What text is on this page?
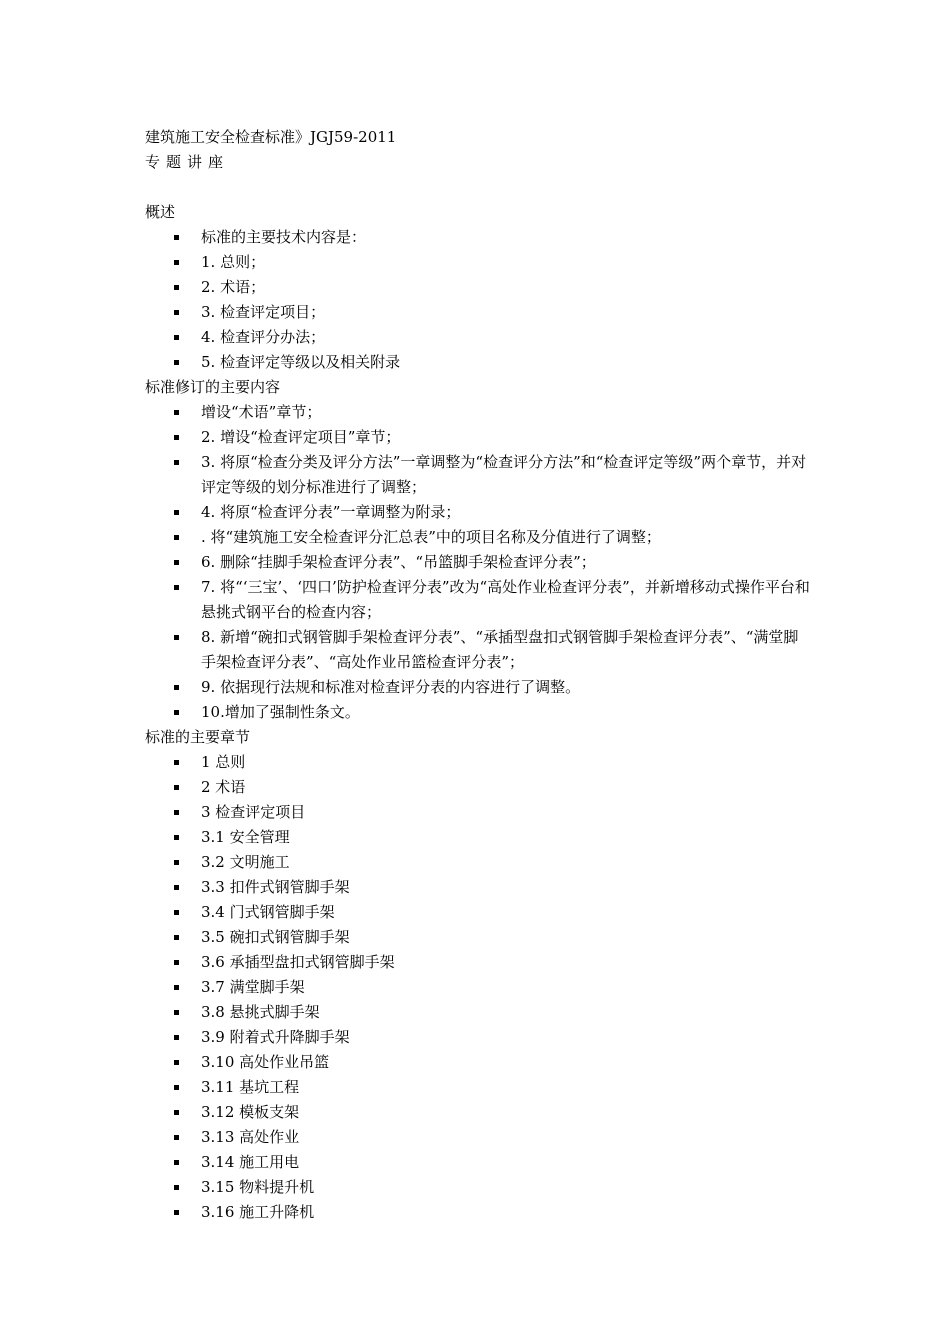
建筑施工安全检查标准》JGJ59-2011

专题讲座

概述

标准的主要技术内容是：
1. 总则；
2. 术语；
3. 检查评定项目；
4. 检查评分办法；
5. 检查评定等级以及相关附录

标准修订的主要内容

增设“术语”章节；
2. 增设“检查评定项目”章节；
3. 将原“检查分类及评分方法”一章调整为“检查评分方法”和“检查评定等级”两个章节，并对评定等级的划分标准进行了调整；
4. 将原“检查评分表”一章调整为附录；
. 将“建筑施工安全检查评分汇总表”中的项目名称及分值进行了调整；
6. 删除“挂脚手架检查评分表”、“吊篮脚手架检查评分表”；
7. 将“‘三宝’、‘四口’防护检查评分表”改为“高处作业检查评分表”，并新增移动式操作平台和悬挑式钢平台的检查内容；
8. 新增“碗扣式钢管脚手架检查评分表”、“承插型盘扣式钢管脚手架检查评分表”、“满堂脚手架检查评分表”、“高处作业吊篮检查评分表”；
9. 依据现行法规和标准对检查评分表的内容进行了调整。
10.增加了强制性条文。

标准的主要章节

1 总则
2 术语
3 检查评定项目
3.1 安全管理
3.2 文明施工
3.3 扣件式钢管脚手架
3.4 门式钢管脚手架
3.5 碗扣式钢管脚手架
3.6 承插型盘扣式钢管脚手架
3.7 满堂脚手架
3.8 悬挑式脚手架
3.9 附着式升降脚手架
3.10 高处作业吊篮
3.11 基坑工程
3.12 模板支架
3.13 高处作业
3.14 施工用电
3.15 物料提升机
3.16 施工升降机
